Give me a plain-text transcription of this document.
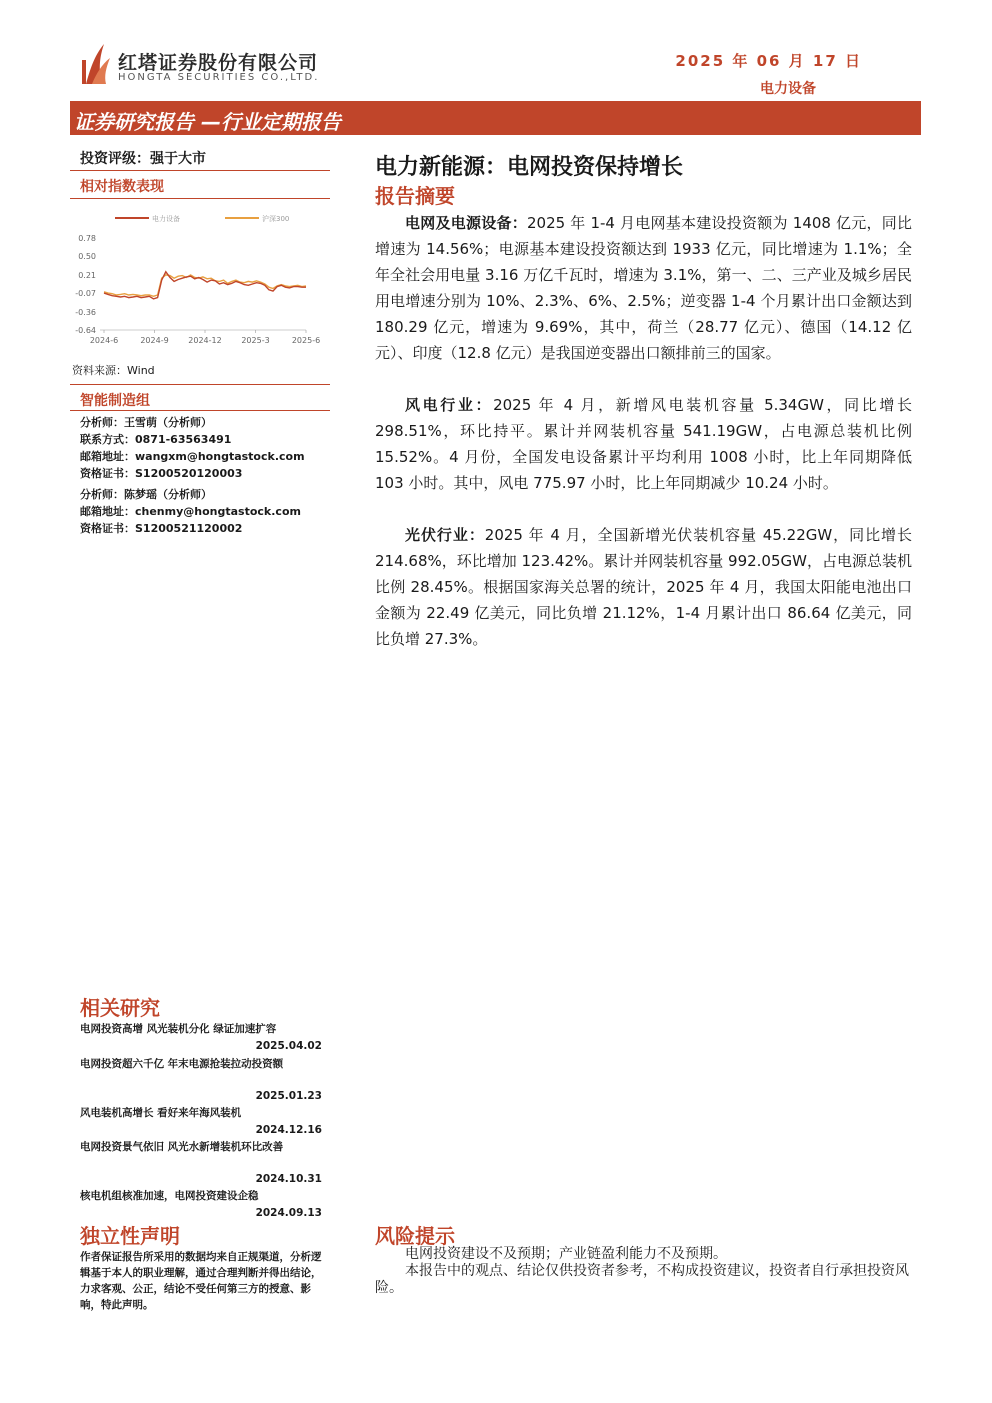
红塔证券股份有限公司
HONGTA SECURITIES CO.,LTD.
2025 年 06 月 17 日
电力设备
证券研究报告 —行业定期报告
投资评级：强于大市
相对指数表现
电力设备	沪深300
0.78
0.50
0.21
-0.07
-0.36
-0.64
2024-6	2024-9 2024-12 2025-3	2025-6
资料来源：Wind
智能制造组
分析师：王雪萌（分析师）
联系方式：0871-63563491
邮箱地址：wangxm@hongtastock.com
资格证书：S1200520120003
分析师：陈梦瑶（分析师）
邮箱地址：chenmy@hongtastock.com
资格证书：S1200521120002
相关研究
电网投资高增 风光装机分化 绿证加速扩容
2025.04.02
电网投资超六千亿 年末电源抢装拉动投资额
2025.01.23
风电装机高增长 看好来年海风装机
2024.12.16
电网投资景气依旧 风光水新增装机环比改善
2024.10.31
核电机组核准加速，电网投资建设企稳
2024.09.13
独立性声明
作者保证报告所采用的数据均来自正规渠道，分析逻辑基于本人的职业理解，通过合理判断并得出结论，力求客观、公正，结论不受任何第三方的授意、影响，特此声明。
电力新能源：电网投资保持增长
报告摘要
电网及电源设备：2025 年 1-4 月电网基本建设投资额为 1408 亿元，同比增速为 14.56%；电源基本建设投资额达到 1933 亿元，同比增速为 1.1%；全年全社会用电量 3.16 万亿千瓦时，增速为 3.1%，第一、二、三产业及城乡居民用电增速分别为 10%、2.3%、6%、2.5%；逆变器 1-4 个月累计出口金额达到 180.29 亿元，增速为 9.69%，其中，荷兰（28.77 亿元）、德国（14.12 亿元）、印度（12.8 亿元）是我国逆变器出口额排前三的国家。
风电行业：2025 年 4 月，新增风电装机容量 5.34GW，同比增长 298.51%，环比持平。累计并网装机容量 541.19GW，占电源总装机比例 15.52%。4 月份，全国发电设备累计平均利用 1008 小时，比上年同期降低 103 小时。其中，风电 775.97 小时，比上年同期减少 10.24 小时。
光伏行业：2025 年 4 月，全国新增光伏装机容量 45.22GW，同比增长 214.68%，环比增加 123.42%。累计并网装机容量 992.05GW，占电源总装机比例 28.45%。根据国家海关总署的统计，2025 年 4 月，我国太阳能电池出口金额为 22.49 亿美元，同比负增 21.12%，1-4 月累计出口 86.64 亿美元，同比负增 27.3%。
风险提示
电网投资建设不及预期；产业链盈利能力不及预期。
本报告中的观点、结论仅供投资者参考，不构成投资建议，投资者自行承担投资风险。
